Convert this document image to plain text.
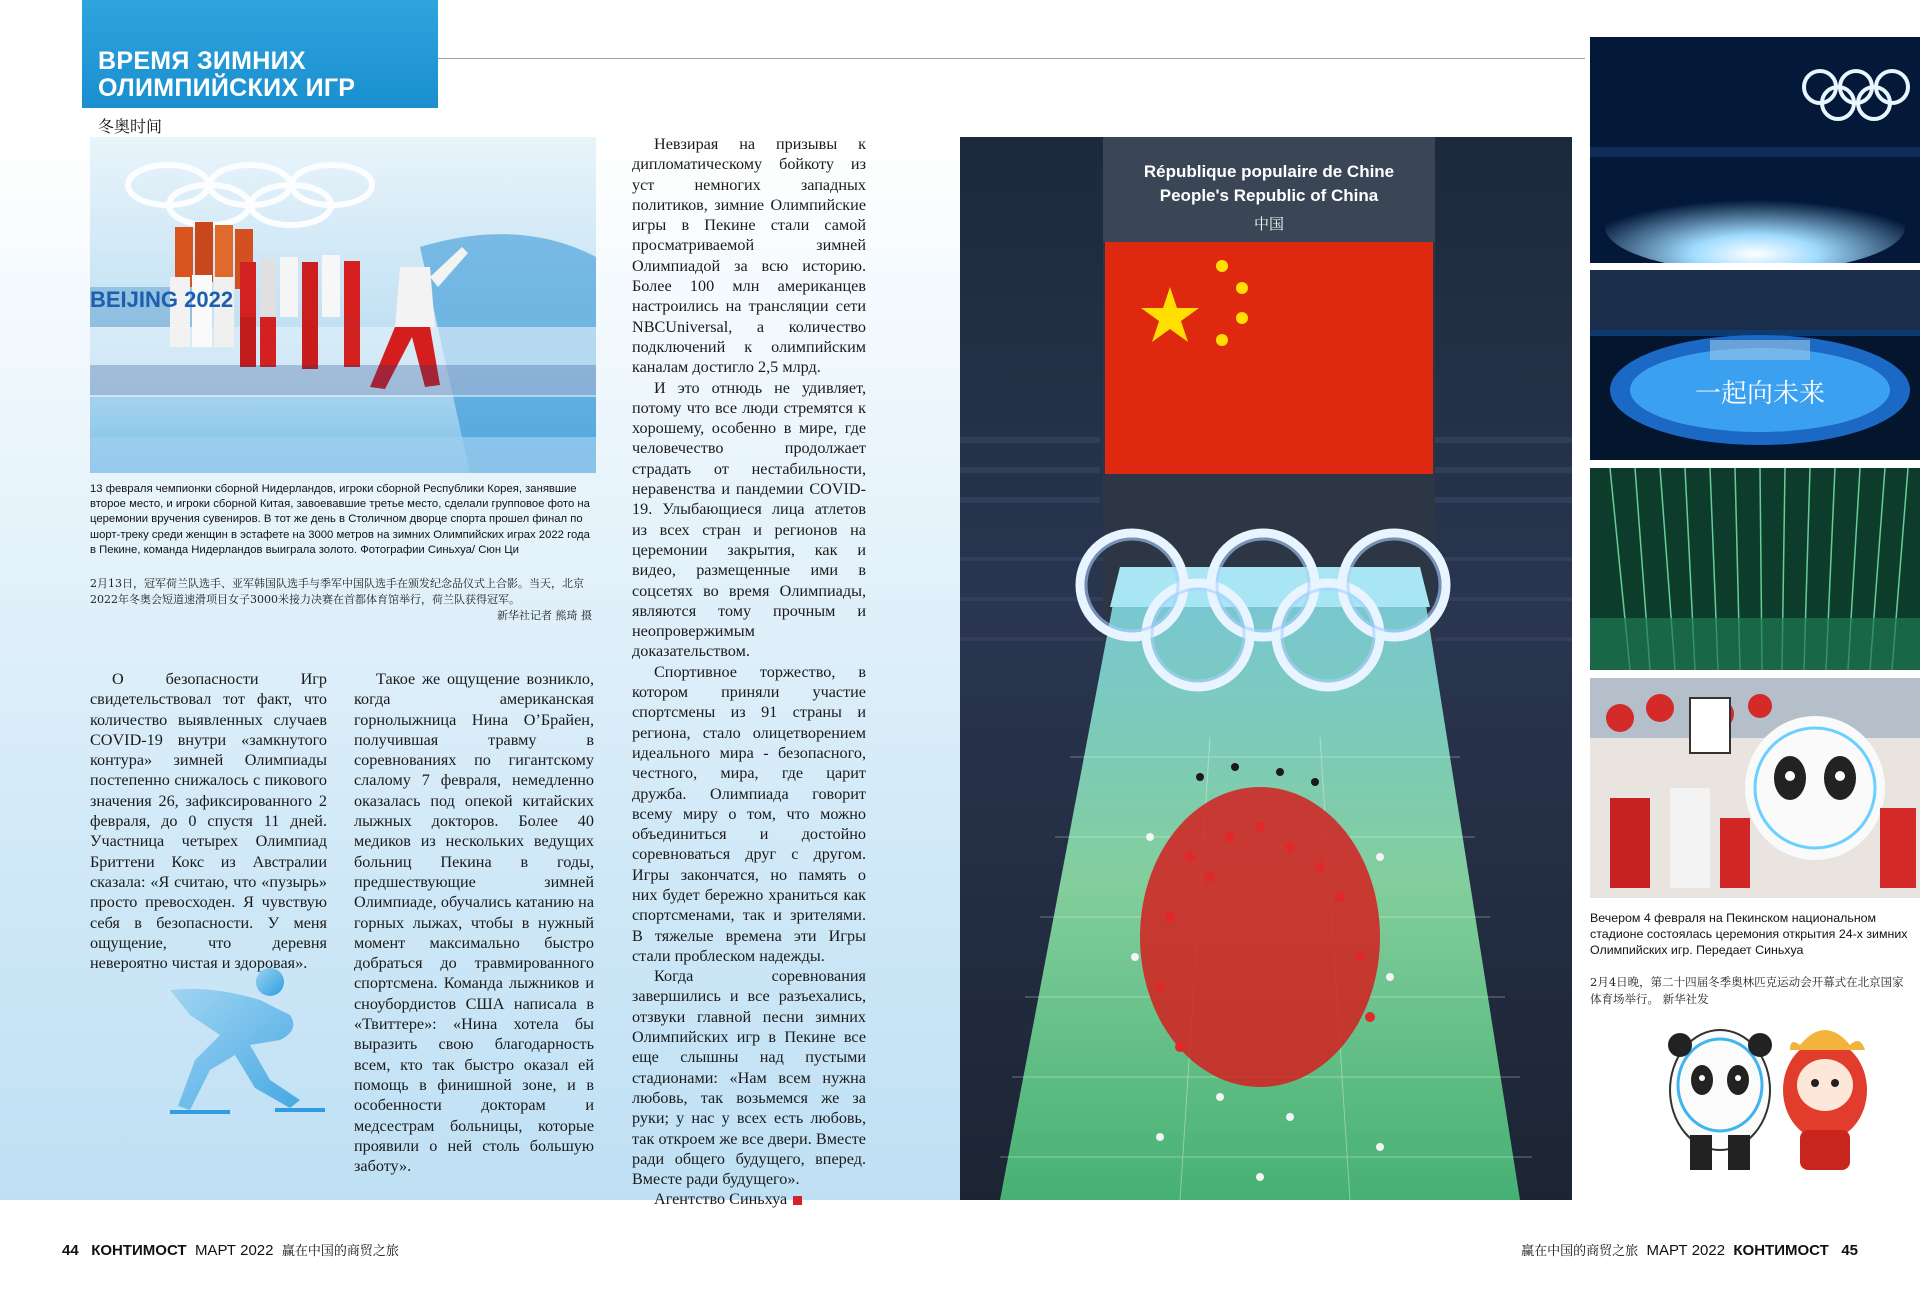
ВРЕМЯ ЗИМНИХ
ОЛИМПИЙСКИХ ИГР
冬奥时间
BEIJING 2022
13 февраля чемпионки сборной Нидерландов, игроки сборной Республики Корея, занявшие второе место, и игроки сборной Китая, завоевавшие третье место, сделали групповое фото на церемонии вручения сувениров. В тот же день в Столичном дворце спорта прошел финал по шорт-треку среди женщин в эстафете на 3000 метров на зимних Олимпийских играх 2022 года в Пекине, команда Нидерландов выиграла золото. Фотографии Синьхуа/ Сюн Ци
2月13日，冠军荷兰队选手、亚军韩国队选手与季军中国队选手在颁发纪念品仪式上合影。当天，北京2022年冬奥会短道速滑项目女子3000米接力决赛在首都体育馆举行，荷兰队获得冠军。
新华社记者 熊琦 摄

О безопасности Игр свидетельствовал тот факт, что количество выявленных случаев COVID-19 внутри «замкнутого контура» зимней Олимпиады постепенно снижалось с пикового значения 26, зафиксированного 2 февраля, до 0 спустя 11 дней. Участница четырех Олимпиад Бриттени Кокс из Австралии сказала: «Я считаю, что «пузырь» просто превосходен. Я чувствую себя в безопасности. У меня ощущение, что деревня невероятно чистая и здоровая».

Такое же ощущение возникло, когда американская горнолыжница Нина О’Брайен, получившая травму в соревнованиях по гигантскому слалому 7 февраля, немедленно оказалась под опекой китайских лыжных докторов. Более 40 медиков из нескольких ведущих больниц Пекина в годы, предшествующие зимней Олимпиаде, обучались катанию на горных лыжах, чтобы в нужный момент максимально быстро добраться до травмированного спортсмена. Команда лыжников и сноубордистов США написала в «Твиттере»: «Нина хотела бы выразить свою благодарность всем, кто так быстро оказал ей помощь в финишной зоне, и в особенности докторам и медсестрам больницы, которые проявили о ней столь большую заботу».

Невзирая на призывы к дипломатическому бойкоту из уст немногих западных политиков, зимние Олимпийские игры в Пекине стали самой просматриваемой зимней Олимпиадой за всю историю. Более 100 млн американцев настроились на трансляции сети NBCUniversal, а количество подключений к олимпийским каналам достигло 2,5 млрд.

И это отнюдь не удивляет, потому что все люди стремятся к хорошему, особенно в мире, где человечество продолжает страдать от нестабильности, неравенства и пандемии COVID-19. Улыбающиеся лица атлетов из всех стран и регионов на церемонии закрытия, как и видео, размещенные ими в соцсетях во время Олимпиады, являются тому прочным и неопровержимым доказательством.

Спортивное торжество, в котором приняли участие спортсмены из 91 страны и региона, стало олицетворением идеального мира - безопасного, честного, мира, где царит дружба. Олимпиада говорит всему миру о том, что можно объединиться и достойно соревноваться друг с другом. Игры закончатся, но память о них будет бережно храниться как спортсменами, так и зрителями. В тяжелые времена эти Игры стали проблеском надежды.

Когда соревнования завершились и все разъехались, отзвуки главной песни зимних Олимпийских игр в Пекине все еще слышны над пустыми стадионами: «Нам всем нужна любовь, так возьмемся же за руки; у нас у всех есть любовь, так откроем же все двери. Вместе ради общего будущего, вперед. Вместе ради будущего».

Агентство Синьхуа

République populaire de Chine
People's Republic of China
中国
一起向未来
Вечером 4 февраля на Пекинском национальном стадионе состоялась церемония открытия 24-х зимних Олимпийских игр. Передает Синьхуа
2月4日晚，第二十四届冬季奥林匹克运动会开幕式在北京国家体育场举行。 新华社发
44 КОНТИМОСТ МАРТ 2022 赢在中国的商贸之旅	赢在中国的商贸之旅 МАРТ 2022 КОНТИМОСТ 45
